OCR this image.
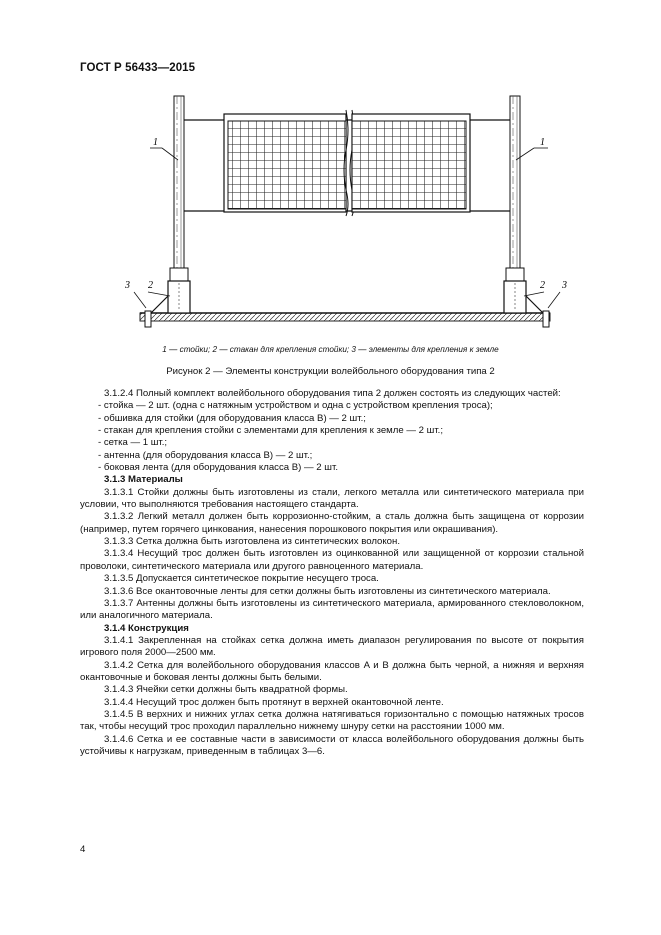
ГОСТ Р 56433—2015
1	1
2
3	2 3
1 — стойки; 2 — стакан для крепления стойки; 3 — элементы для крепления к земле
Рисунок 2 — Элементы конструкции волейбольного оборудования типа 2

3.1.2.4 Полный комплект волейбольного оборудования типа 2 должен состоять из следующих частей:

- стойка — 2 шт. (одна с натяжным устройством и одна с устройством крепления троса);

- обшивка для стойки (для оборудования класса B) — 2 шт.;

- стакан для крепления стойки с элементами для крепления к земле — 2 шт.;

- сетка — 1 шт.;

- антенна (для оборудования класса B) — 2 шт.;

- боковая лента (для оборудования класса B) — 2 шт.

3.1.3 Материалы

3.1.3.1 Стойки должны быть изготовлены из стали, легкого металла или синтетического материала при условии, что выполняются требования настоящего стандарта.

3.1.3.2 Легкий металл должен быть коррозионно-стойким, а сталь должна быть защищена от коррозии (например, путем горячего цинкования, нанесения порошкового покрытия или окрашивания).

3.1.3.3 Сетка должна быть изготовлена из синтетических волокон.

3.1.3.4 Несущий трос должен быть изготовлен из оцинкованной или защищенной от коррозии стальной проволоки, синтетического материала или другого равноценного материала.

3.1.3.5 Допускается синтетическое покрытие несущего троса.

3.1.3.6 Все окантовочные ленты для сетки должны быть изготовлены из синтетического материала.

3.1.3.7 Антенны должны быть изготовлены из синтетического материала, армированного стекловолокном, или аналогичного материала.

3.1.4 Конструкция

3.1.4.1 Закрепленная на стойках сетка должна иметь диапазон регулирования по высоте от покрытия игрового поля 2000—2500 мм.

3.1.4.2 Сетка для волейбольного оборудования классов A и B должна быть черной, а нижняя и верхняя окантовочные и боковая ленты должны быть белыми.

3.1.4.3 Ячейки сетки должны быть квадратной формы.

3.1.4.4 Несущий трос должен быть протянут в верхней окантовочной ленте.

3.1.4.5 В верхних и нижних углах сетка должна натягиваться горизонтально с помощью натяжных тросов так, чтобы несущий трос проходил параллельно нижнему шнуру сетки на расстоянии 1000 мм.

3.1.4.6 Сетка и ее составные части в зависимости от класса волейбольного оборудования должны быть устойчивы к нагрузкам, приведенным в таблицах 3—6.

4
